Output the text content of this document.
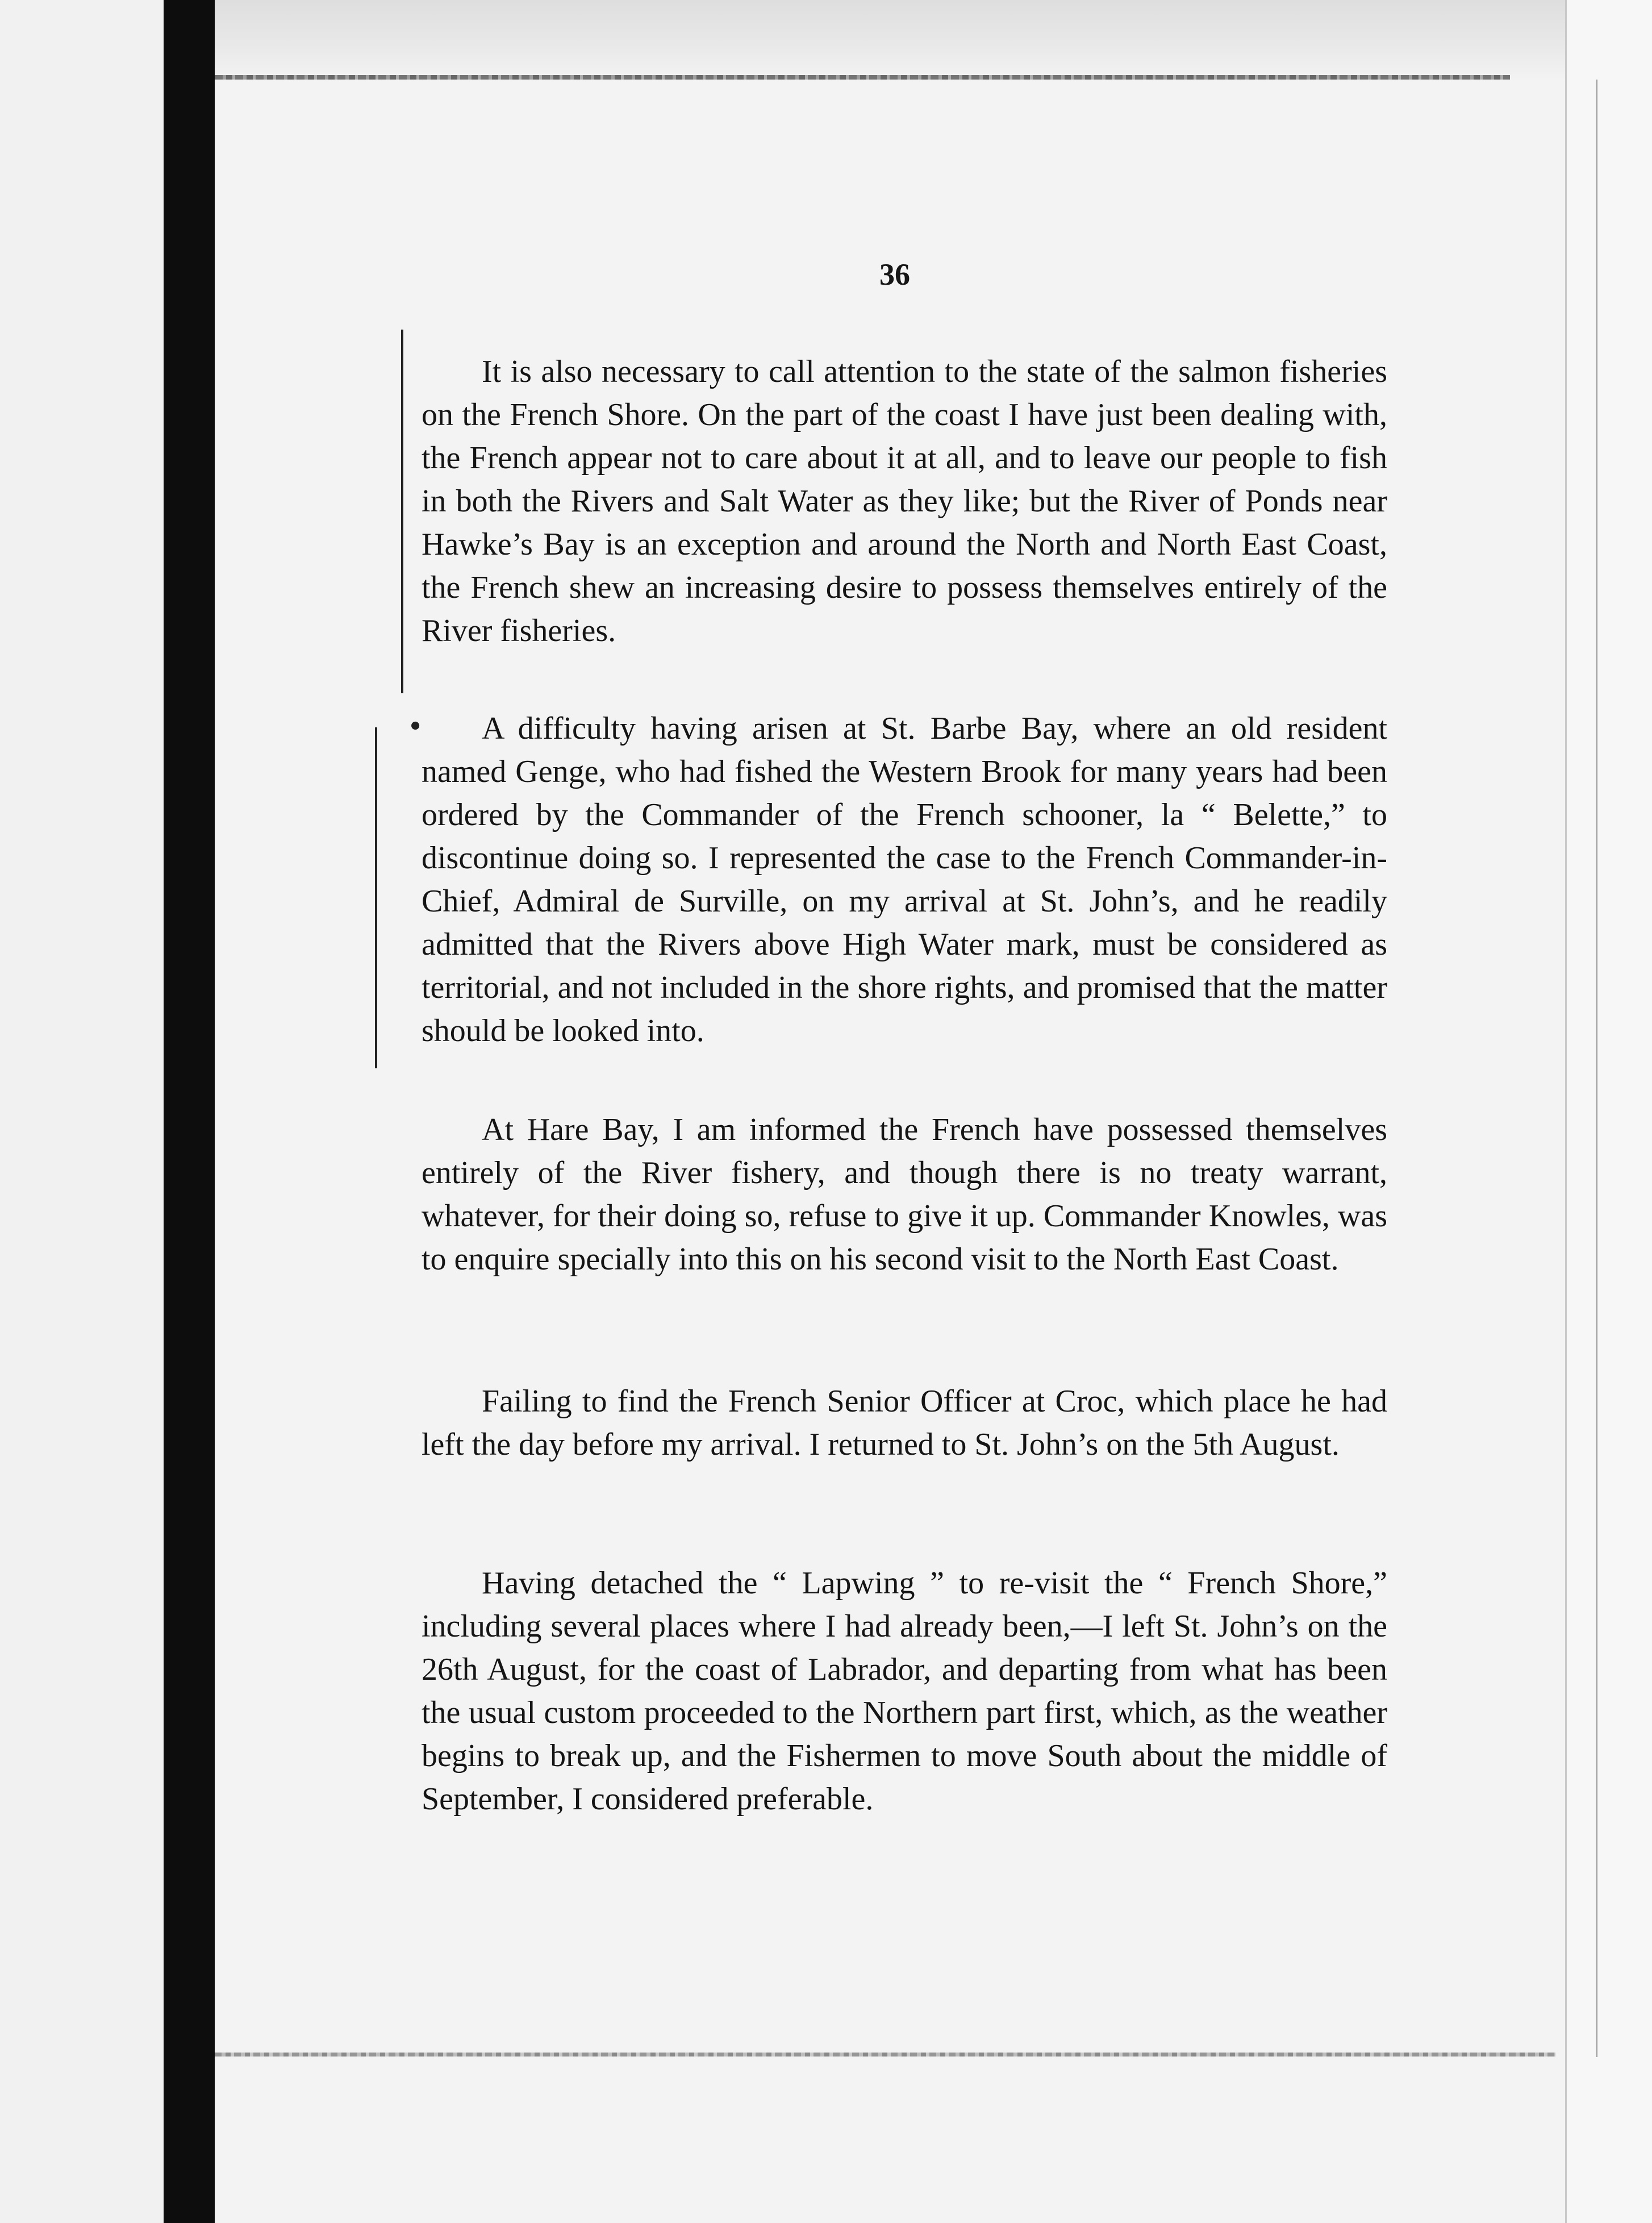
36

•

It is also necessary to call attention to the state of the salmon fisheries on the French Shore. On the part of the coast I have just been dealing with, the French appear not to care about it at all, and to leave our people to fish in both the Rivers and Salt Water as they like; but the River of Ponds near Hawke’s Bay is an exception and around the North and North East Coast, the French shew an increasing desire to possess themselves entirely of the River fisheries.

A difficulty having arisen at St. Barbe Bay, where an old resident named Genge, who had fished the Western Brook for many years had been ordered by the Commander of the French schooner, la “ Belette,” to discontinue doing so. I represented the case to the French Commander-in-Chief, Admiral de Surville, on my arrival at St. John’s, and he readily admitted that the Rivers above High Water mark, must be considered as territorial, and not included in the shore rights, and promised that the matter should be looked into.

At Hare Bay, I am informed the French have possessed themselves entirely of the River fishery, and though there is no treaty warrant, whatever, for their doing so, refuse to give it up. Commander Knowles, was to enquire specially into this on his second visit to the North East Coast.

Failing to find the French Senior Officer at Croc, which place he had left the day before my arrival. I returned to St. John’s on the 5th August.

Having detached the “ Lapwing ” to re-visit the “ French Shore,” including several places where I had already been,—I left St. John’s on the 26th August, for the coast of Labrador, and departing from what has been the usual custom proceeded to the Northern part first, which, as the weather begins to break up, and the Fishermen to move South about the middle of September, I considered preferable.
